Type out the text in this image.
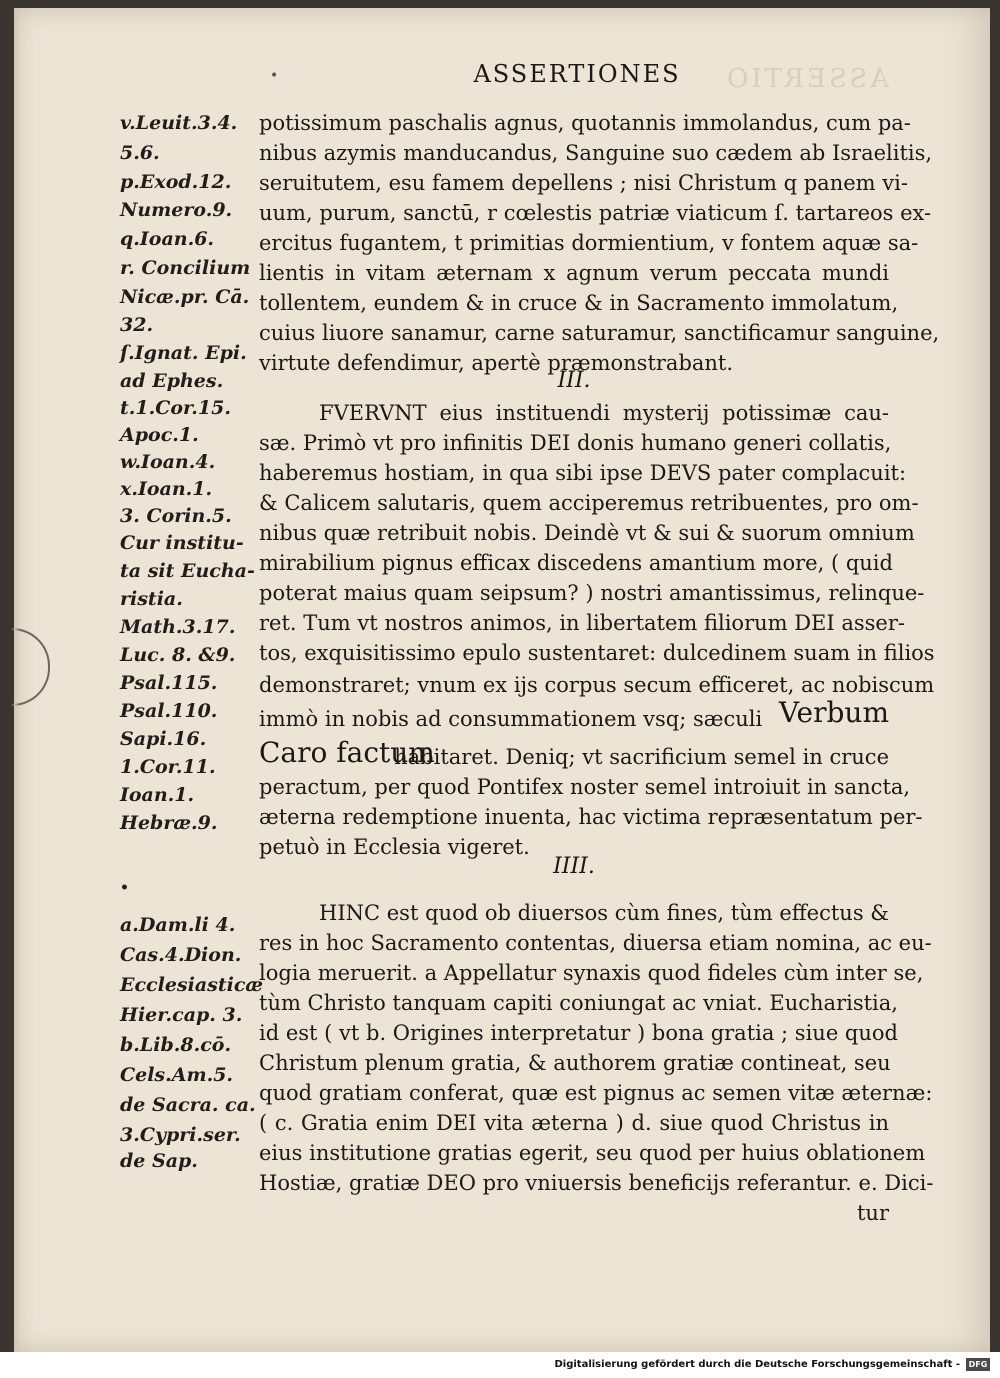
ASSERTIO
•	ASSERTIONES
potissimum paschalis agnus, quotannis immolandus, cum pa-
nibus azymis manducandus, Sanguine suo cædem ab Israelitis,
seruitutem, esu famem depellens ; nisi Christum q panem vi-
uum, purum, sanctū, r cœlestis patriæ viaticum ſ. tartareos ex-
ercitus fugantem, t primitias dormientium, v fontem aquæ sa-
lientis in vitam æternam x agnum verum peccata mundi
tollentem, eundem & in cruce & in Sacramento immolatum,
cuius liuore sanamur, carne saturamur, sanctificamur sanguine,
virtute defendimur, apertè præmonstrabant.
III.
FVERVNT eius instituendi mysterij potissimæ cau-
sæ. Primò vt pro infinitis DEI donis humano generi collatis,
haberemus hostiam, in qua sibi ipse DEVS pater complacuit:
& Calicem salutaris, quem acciperemus retribuentes, pro om-
nibus quæ retribuit nobis. Deindè vt & sui & suorum omnium
mirabilium pignus efficax discedens amantium more, ( quid
poterat maius quam seipsum? ) nostri amantissimus, relinque-
ret. Tum vt nostros animos, in libertatem filiorum DEI asser-
tos, exquisitissimo epulo sustentaret: dulcedinem suam in filios
demonstraret; vnum ex ijs corpus secum efficeret, ac nobiscum
immò in nobis ad consummationem vsq; sæculi Verbum
Caro factum
habitaret. Deniq; vt sacrificium semel in cruce
peractum, per quod Pontifex noster semel introiuit in sancta,
æterna redemptione inuenta, hac victima repræsentatum per-
petuò in Ecclesia vigeret.
IIII.
HINC est quod ob diuersos cùm fines, tùm effectus &
res in hoc Sacramento contentas, diuersa etiam nomina, ac eu-
logia meruerit. a Appellatur synaxis quod fideles cùm inter se,
tùm Christo tanquam capiti coniungat ac vniat. Eucharistia,
id est ( vt b. Origines interpretatur ) bona gratia ; siue quod
Christum plenum gratia, & authorem gratiæ contineat, seu
quod gratiam conferat, quæ est pignus ac semen vitæ æternæ:
( c. Gratia enim DEI vita æterna ) d. siue quod Christus in
eius institutione gratias egerit, seu quod per huius oblationem
Hostiæ, gratiæ DEO pro vniuersis beneficijs referantur. e. Dici-
tur
v.Leuit.3.4.
5.6.
p.Exod.12.
Numero.9.
q.Ioan.6.
r. Concilium
Nicæ.pr. Cā.
32.
ſ.Ignat. Epi.
ad Ephes.
t.1.Cor.15.
Apoc.1.
w.Ioan.4.
x.Ioan.1.
3. Corin.5.
Cur institu-
ta sit Eucha-
ristia.
Math.3.17.
Luc. 8. &9.
Psal.115.
Psal.110.
Sapi.16.
1.Cor.11.
Ioan.1.
Hebræ.9.
•
a.Dam.li 4.
Cas.4.Dion.
Ecclesiasticæ
Hier.cap. 3.
b.Lib.8.cō.
Cels.Am.5.
de Sacra. ca.
3.Cypri.ser.
de Sap.
Digitalisierung gefördert durch die Deutsche Forschungsgemeinschaft -	DFG
